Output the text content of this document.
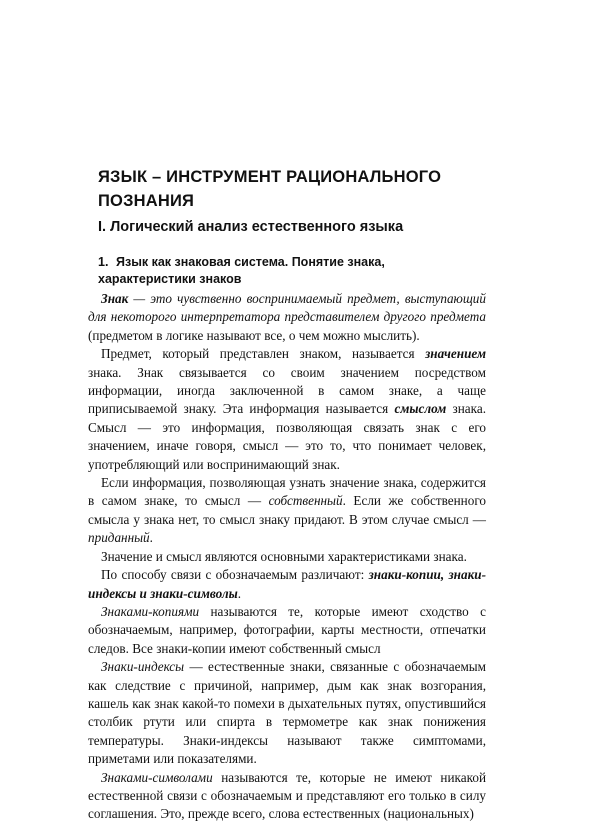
ЯЗЫК – ИНСТРУМЕНТ РАЦИОНАЛЬНОГО ПОЗНАНИЯ
I. Логический анализ естественного языка
1. Язык как знаковая система. Понятие знака, характеристики знаков

Знак — это чувственно воспринимаемый предмет, выступающий для некоторого интерпретатора представителем другого предмета (предметом в логике называют все, о чем можно мыслить).

Предмет, который представлен знаком, называется значением знака. Знак связывается со своим значением посредством информации, иногда заключенной в самом знаке, а чаще приписываемой знаку. Эта информация называется смыслом знака. Смысл — это информация, позволяющая связать знак с его значением, иначе говоря, смысл — это то, что понимает человек, употребляющий или воспринимающий знак.

Если информация, позволяющая узнать значение знака, содержится в самом знаке, то смысл — собственный. Если же собственного смысла у знака нет, то смысл знаку придают. В этом случае смысл — приданный.

Значение и смысл являются основными характеристиками знака.

По способу связи с обозначаемым различают: знаки-копии, знаки-индексы и знаки-символы.

Знаками-копиями называются те, которые имеют сходство с обозначаемым, например, фотографии, карты местности, отпечатки следов. Все знаки-копии имеют собственный смысл

Знаки-индексы — естественные знаки, связанные с обозначаемым как следствие с причиной, например, дым как знак возгорания, кашель как знак какой-то помехи в дыхательных путях, опустившийся столбик ртути или спирта в термометре как знак понижения температуры. Знаки-индексы называют также симптомами, приметами или показателями.

Знаками-символами называются те, которые не имеют никакой естественной связи с обозначаемым и представляют его только в силу соглашения. Это, прежде всего, слова естественных (национальных)
